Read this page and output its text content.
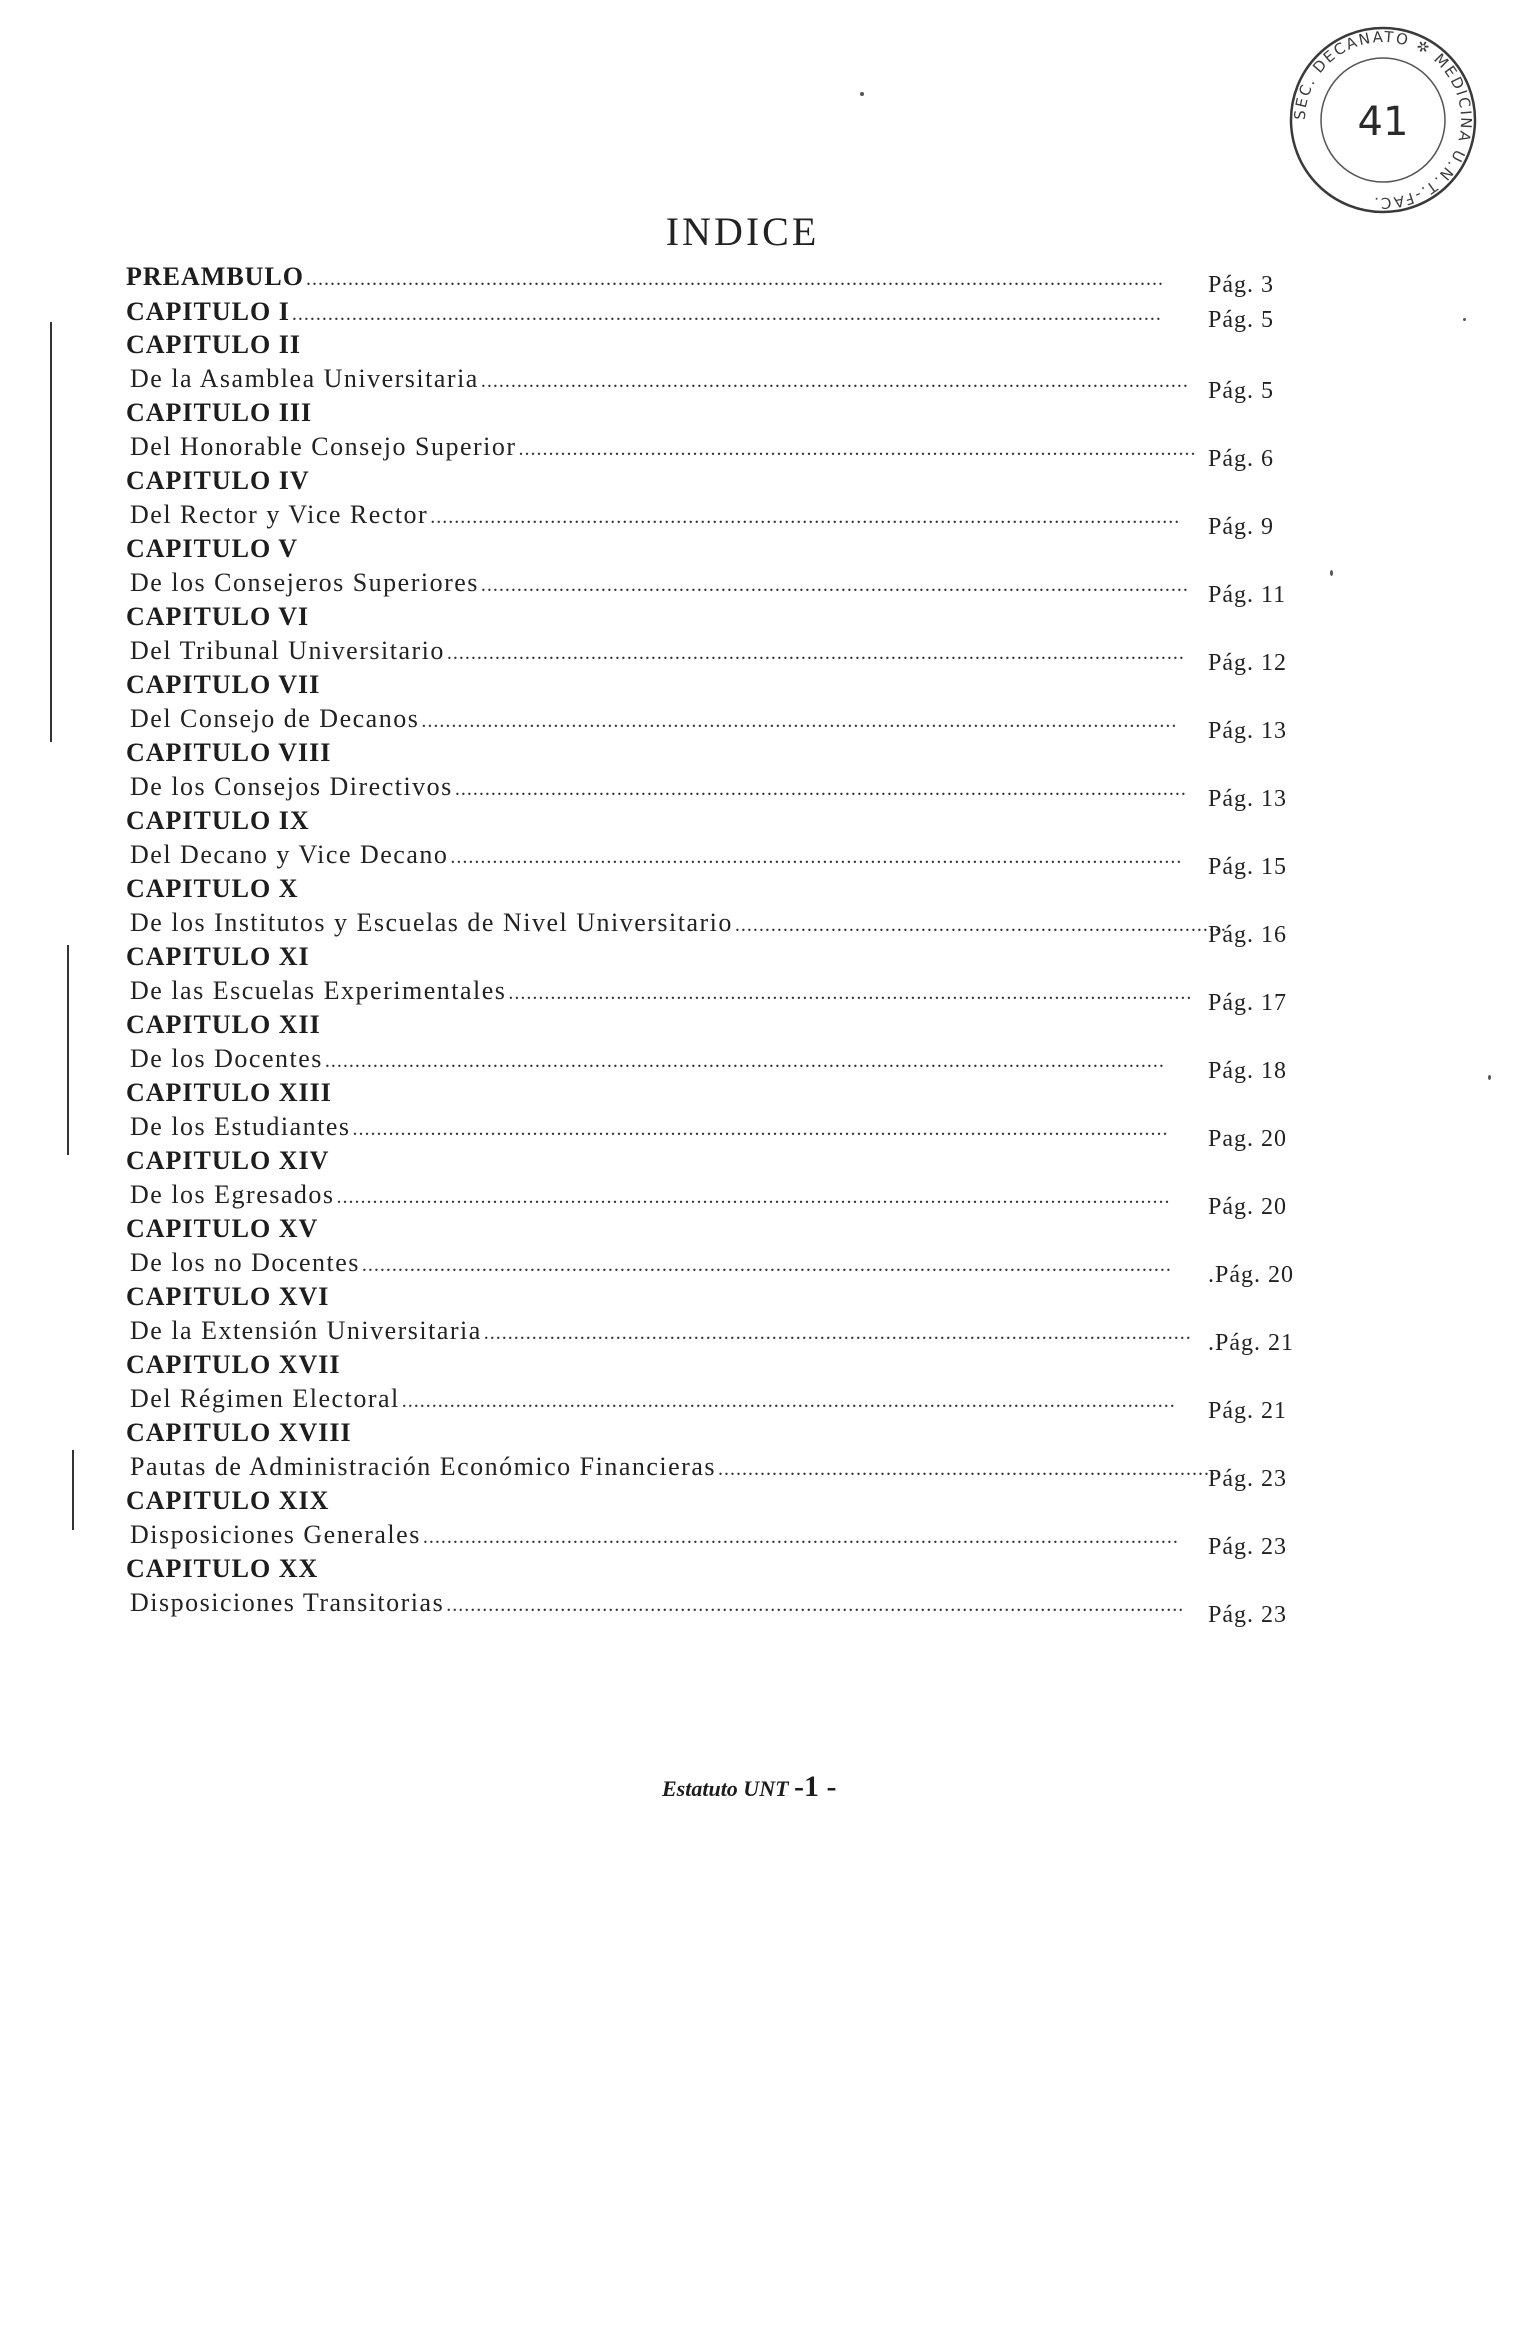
INDICE
PREAMBULO ...............................................................................................................................................	Pág. 3
CAPITULO I .................................................................................................................................................	Pág. 5
CAPITULO II
De la Asamblea Universitaria ...................................................................................................................... Pág. 5
CAPITULO III
Del Honorable Consejo Superior ................................................................................................................. Pág. 6
CAPITULO IV
Del Rector y Vice Rector .............................................................................................................................	Pág. 9
CAPITULO V
De los Consejeros Superiores ...................................................................................................................... Pág. 11
CAPITULO VI
Del Tribunal Universitario ........................................................................................................................... Pág. 12
CAPITULO VII
Del Consejo de Decanos ..............................................................................................................................	Pág. 13
CAPITULO VIII
De los Consejos Directivos .......................................................................................................................... Pág. 13
CAPITULO IX
Del Decano y Vice Decano ..........................................................................................................................	Pág. 15
CAPITULO X
De los Institutos y Escuelas de Nivel Universitario ..................................................................................
Pág. 16
CAPITULO XI
De las Escuelas Experimentales .................................................................................................................. Pág. 17
CAPITULO XII
De los Docentes ............................................................................................................................................	Pág. 18
CAPITULO XIII
De los Estudiantes ........................................................................................................................................	Pag. 20
CAPITULO XIV
De los Egresados ...........................................................................................................................................	Pág. 20
CAPITULO XV
De los no Docentes .......................................................................................................................................	.Pág. 20
CAPITULO XVI
De la Extensión Universitaria ...................................................................................................................... .Pág. 21
CAPITULO XVII
Del Régimen Electoral .................................................................................................................................	Pág. 21
CAPITULO XVIII
Pautas de Administración Económico Financieras ....................................................................................
Pág. 23
CAPITULO XIX
Disposiciones Generales ..............................................................................................................................	Pág. 23
CAPITULO XX
Disposiciones Transitorias ........................................................................................................................... Pág. 23
Estatuto UNT -1 -
SEC. DECANATO ✲ MEDICINA U.N.T.-FAC.
41
